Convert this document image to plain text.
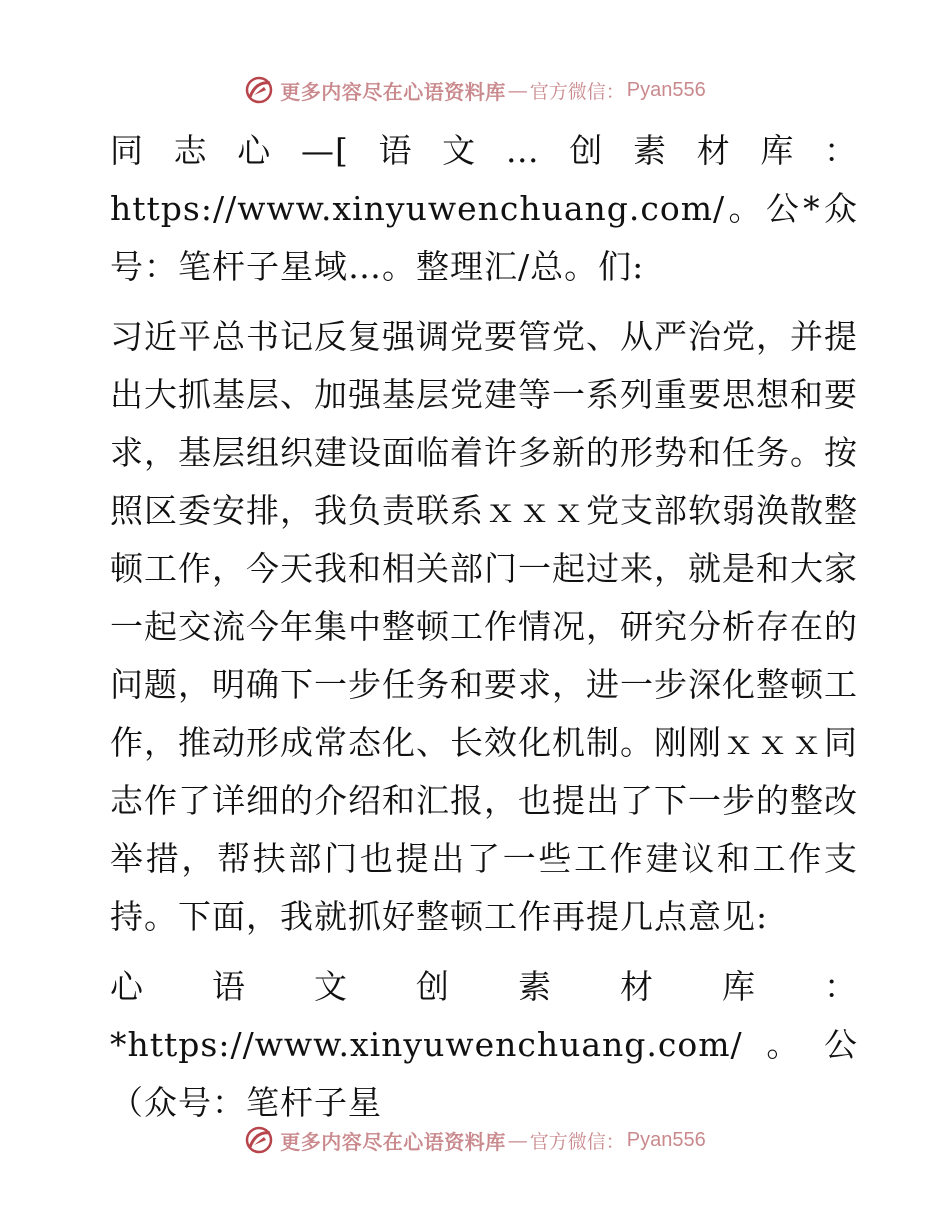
更多内容尽在心语资料库 — 官方微信： Pyan556

同志心—[语文…创素材库：https://www.xinyuwenchuang.com/。公*众号：笔杆子星域…。整理汇/总。们:

习近平总书记反复强调党要管党、从严治党，并提出大抓基层、加强基层党建等一系列重要思想和要求，基层组织建设面临着许多新的形势和任务。按照区委安排，我负责联系ｘｘｘ党支部软弱涣散整顿工作，今天我和相关部门一起过来，就是和大家一起交流今年集中整顿工作情况，研究分析存在的问题，明确下一步任务和要求，进一步深化整顿工作，推动形成常态化、长效化机制。刚刚ｘｘｘ同志作了详细的介绍和汇报，也提出了下一步的整改举措，帮扶部门也提出了一些工作建议和工作支持。下面，我就抓好整顿工作再提几点意见:

心语文创素材库：*https://www.xinyuwenchuang.com/。公（众号：笔杆子星

更多内容尽在心语资料库 — 官方微信： Pyan556
